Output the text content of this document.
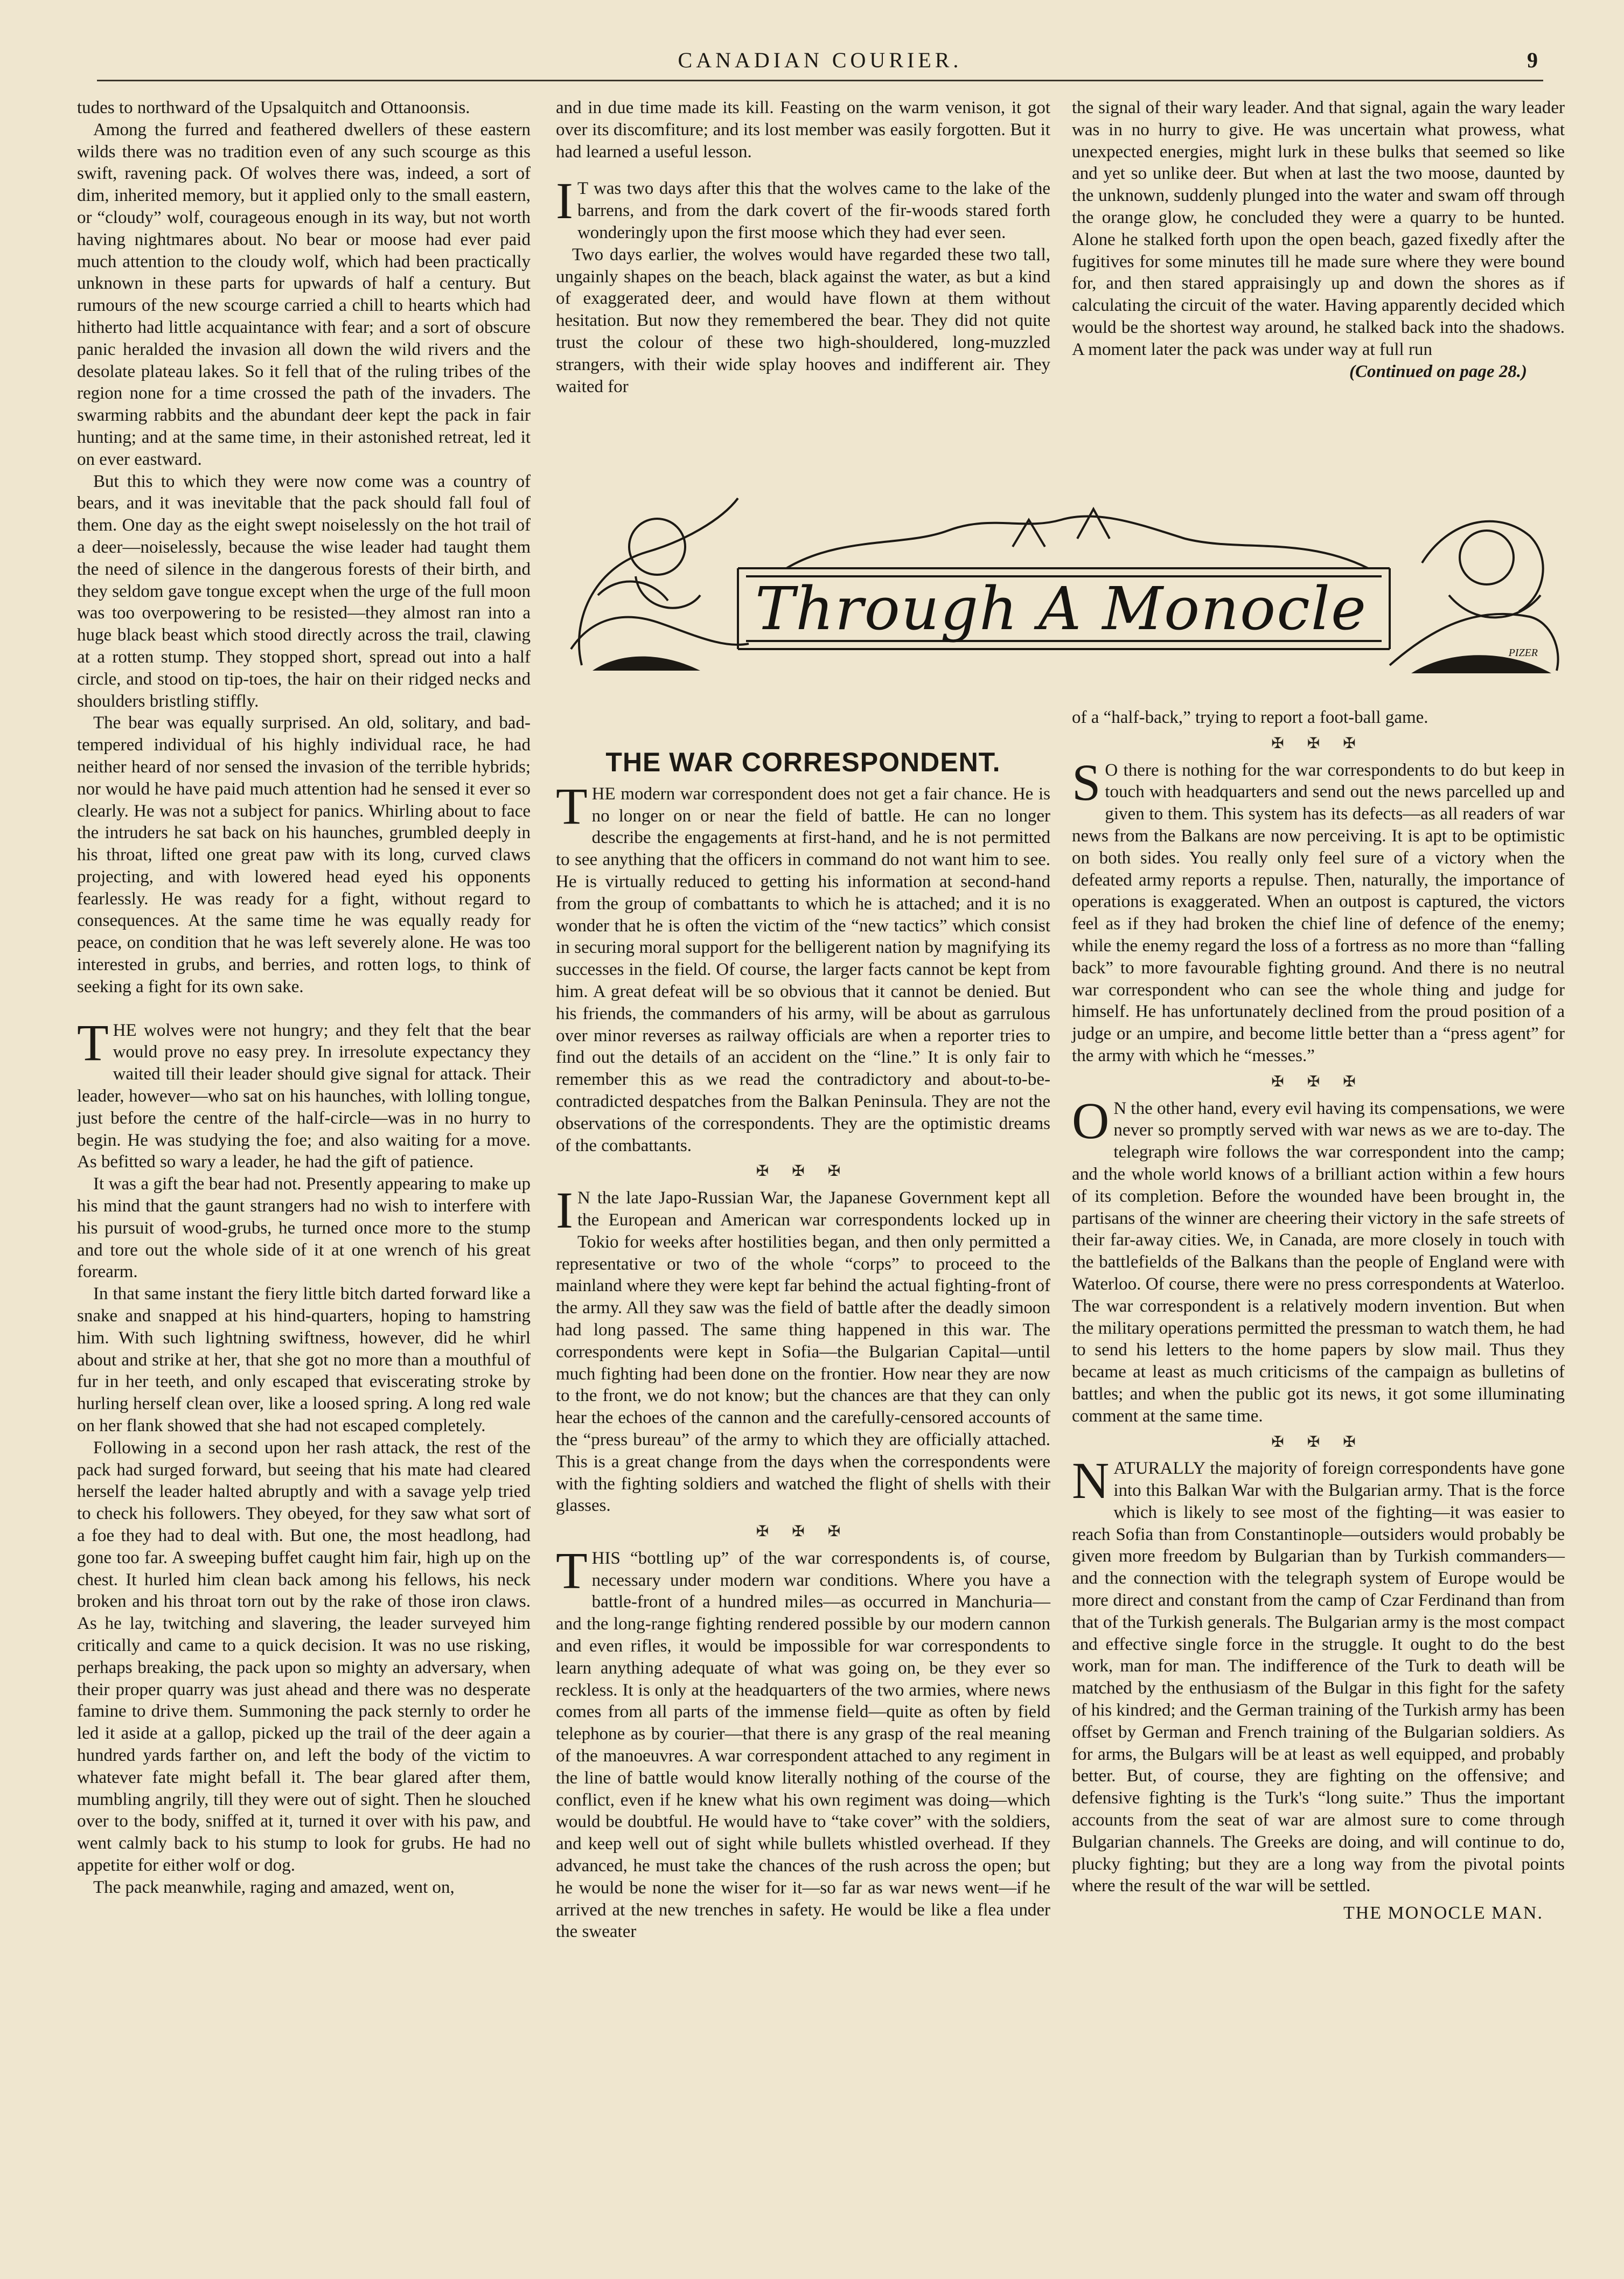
CANADIAN COURIER.	9

tudes to northward of the Upsalquitch and Ottanoonsis.

Among the furred and feathered dwellers of these eastern wilds there was no tradition even of any such scourge as this swift, ravening pack. Of wolves there was, indeed, a sort of dim, inherited memory, but it applied only to the small eastern, or “cloudy” wolf, courageous enough in its way, but not worth having nightmares about. No bear or moose had ever paid much attention to the cloudy wolf, which had been practically unknown in these parts for upwards of half a century. But rumours of the new scourge carried a chill to hearts which had hitherto had little acquaintance with fear; and a sort of obscure panic heralded the invasion all down the wild rivers and the desolate plateau lakes. So it fell that of the ruling tribes of the region none for a time crossed the path of the invaders. The swarming rabbits and the abundant deer kept the pack in fair hunting; and at the same time, in their astonished retreat, led it on ever eastward.

But this to which they were now come was a country of bears, and it was inevitable that the pack should fall foul of them. One day as the eight swept noiselessly on the hot trail of a deer—noiselessly, because the wise leader had taught them the need of silence in the dangerous forests of their birth, and they seldom gave tongue except when the urge of the full moon was too overpowering to be resisted—they almost ran into a huge black beast which stood directly across the trail, clawing at a rotten stump. They stopped short, spread out into a half circle, and stood on tip-toes, the hair on their ridged necks and shoulders bristling stiffly.

The bear was equally surprised. An old, solitary, and bad-tempered individual of his highly individual race, he had neither heard of nor sensed the invasion of the terrible hybrids; nor would he have paid much attention had he sensed it ever so clearly. He was not a subject for panics. Whirling about to face the intruders he sat back on his haunches, grumbled deeply in his throat, lifted one great paw with its long, curved claws projecting, and with lowered head eyed his opponents fearlessly. He was ready for a fight, without regard to consequences. At the same time he was equally ready for peace, on condition that he was left severely alone. He was too interested in grubs, and berries, and rotten logs, to think of seeking a fight for its own sake.

THE wolves were not hungry; and they felt that the bear would prove no easy prey. In irresolute expectancy they waited till their leader should give signal for attack. Their leader, however—who sat on his haunches, with lolling tongue, just before the centre of the half-circle—was in no hurry to begin. He was studying the foe; and also waiting for a move. As befitted so wary a leader, he had the gift of patience.

It was a gift the bear had not. Presently appearing to make up his mind that the gaunt strangers had no wish to interfere with his pursuit of wood-grubs, he turned once more to the stump and tore out the whole side of it at one wrench of his great forearm.

In that same instant the fiery little bitch darted forward like a snake and snapped at his hind-quarters, hoping to hamstring him. With such lightning swiftness, however, did he whirl about and strike at her, that she got no more than a mouthful of fur in her teeth, and only escaped that eviscerating stroke by hurling herself clean over, like a loosed spring. A long red wale on her flank showed that she had not escaped completely.

Following in a second upon her rash attack, the rest of the pack had surged forward, but seeing that his mate had cleared herself the leader halted abruptly and with a savage yelp tried to check his followers. They obeyed, for they saw what sort of a foe they had to deal with. But one, the most headlong, had gone too far. A sweeping buffet caught him fair, high up on the chest. It hurled him clean back among his fellows, his neck broken and his throat torn out by the rake of those iron claws. As he lay, twitching and slavering, the leader surveyed him critically and came to a quick decision. It was no use risking, perhaps breaking, the pack upon so mighty an adversary, when their proper quarry was just ahead and there was no desperate famine to drive them. Summoning the pack sternly to order he led it aside at a gallop, picked up the trail of the deer again a hundred yards farther on, and left the body of the victim to whatever fate might befall it. The bear glared after them, mumbling angrily, till they were out of sight. Then he slouched over to the body, sniffed at it, turned it over with his paw, and went calmly back to his stump to look for grubs. He had no appetite for either wolf or dog.

The pack meanwhile, raging and amazed, went on,

and in due time made its kill. Feasting on the warm venison, it got over its discomfiture; and its lost member was easily forgotten. But it had learned a useful lesson.

I T was two days after this that the wolves came to the lake of the barrens, and from the dark covert of the fir-woods stared forth wonderingly upon the first moose which they had ever seen.

Two days earlier, the wolves would have regarded these two tall, ungainly shapes on the beach, black against the water, as but a kind of exaggerated deer, and would have flown at them without hesitation. But now they remembered the bear. They did not quite trust the colour of these two high-shouldered, long-muzzled strangers, with their wide splay hooves and indifferent air. They waited for

the signal of their wary leader. And that signal, again the wary leader was in no hurry to give. He was uncertain what prowess, what unexpected energies, might lurk in these bulks that seemed so like and yet so unlike deer. But when at last the two moose, daunted by the unknown, suddenly plunged into the water and swam off through the orange glow, he concluded they were a quarry to be hunted. Alone he stalked forth upon the open beach, gazed fixedly after the fugitives for some minutes till he made sure where they were bound for, and then stared appraisingly up and down the shores as if calculating the circuit of the water. Having apparently decided which would be the shortest way around, he stalked back into the shadows. A moment later the pack was under way at full run

(Continued on page 28.)

Through A Monocle
PIZER
THE WAR CORRESPONDENT.

THE modern war correspondent does not get a fair chance. He is no longer on or near the field of battle. He can no longer describe the engagements at first-hand, and he is not permitted to see anything that the officers in command do not want him to see. He is virtually reduced to getting his information at second-hand from the group of combattants to which he is attached; and it is no wonder that he is often the victim of the “new tactics” which consist in securing moral support for the belligerent nation by magnifying its successes in the field. Of course, the larger facts cannot be kept from him. A great defeat will be so obvious that it cannot be denied. But his friends, the commanders of his army, will be about as garrulous over minor reverses as railway officials are when a reporter tries to find out the details of an accident on the “line.” It is only fair to remember this as we read the contradictory and about-to-be-contradicted despatches from the Balkan Peninsula. They are not the observations of the correspondents. They are the optimistic dreams of the combattants.

✠ ✠ ✠

I N the late Japo-Russian War, the Japanese Government kept all the European and American war correspondents locked up in Tokio for weeks after hostilities began, and then only permitted a representative or two of the whole “corps” to proceed to the mainland where they were kept far behind the actual fighting-front of the army. All they saw was the field of battle after the deadly simoon had long passed. The same thing happened in this war. The correspondents were kept in Sofia—the Bulgarian Capital—until much fighting had been done on the frontier. How near they are now to the front, we do not know; but the chances are that they can only hear the echoes of the cannon and the carefully-censored accounts of the “press bureau” of the army to which they are officially attached. This is a great change from the days when the correspondents were with the fighting soldiers and watched the flight of shells with their glasses.

✠ ✠ ✠

THIS “bottling up” of the war correspondents is, of course, necessary under modern war conditions. Where you have a battle-front of a hundred miles—as occurred in Manchuria—and the long-range fighting rendered possible by our modern cannon and even rifles, it would be impossible for war correspondents to learn anything adequate of what was going on, be they ever so reckless. It is only at the headquarters of the two armies, where news comes from all parts of the immense field—quite as often by field telephone as by courier—that there is any grasp of the real meaning of the manoeuvres. A war correspondent attached to any regiment in the line of battle would know literally nothing of the course of the conflict, even if he knew what his own regiment was doing—which would be doubtful. He would have to “take cover” with the soldiers, and keep well out of sight while bullets whistled overhead. If they advanced, he must take the chances of the rush across the open; but he would be none the wiser for it—so far as war news went—if he arrived at the new trenches in safety. He would be like a flea under the sweater

of a “half-back,” trying to report a foot-ball game.

✠ ✠ ✠

S O there is nothing for the war correspondents to do but keep in touch with headquarters and send out the news parcelled up and given to them. This system has its defects—as all readers of war news from the Balkans are now perceiving. It is apt to be optimistic on both sides. You really only feel sure of a victory when the defeated army reports a repulse. Then, naturally, the importance of operations is exaggerated. When an outpost is captured, the victors feel as if they had broken the chief line of defence of the enemy; while the enemy regard the loss of a fortress as no more than “falling back” to more favourable fighting ground. And there is no neutral war correspondent who can see the whole thing and judge for himself. He has unfortunately declined from the proud position of a judge or an umpire, and become little better than a “press agent” for the army with which he “messes.”

✠ ✠ ✠

O N the other hand, every evil having its compensations, we were never so promptly served with war news as we are to-day. The telegraph wire follows the war correspondent into the camp; and the whole world knows of a brilliant action within a few hours of its completion. Before the wounded have been brought in, the partisans of the winner are cheering their victory in the safe streets of their far-away cities. We, in Canada, are more closely in touch with the battlefields of the Balkans than the people of England were with Waterloo. Of course, there were no press correspondents at Waterloo. The war correspondent is a relatively modern invention. But when the military operations permitted the pressman to watch them, he had to send his letters to the home papers by slow mail. Thus they became at least as much criticisms of the campaign as bulletins of battles; and when the public got its news, it got some illuminating comment at the same time.

✠ ✠ ✠

NATURALLY the majority of foreign correspondents have gone into this Balkan War with the Bulgarian army. That is the force which is likely to see most of the fighting—it was easier to reach Sofia than from Constantinople—outsiders would probably be given more freedom by Bulgarian than by Turkish commanders—and the connection with the telegraph system of Europe would be more direct and constant from the camp of Czar Ferdinand than from that of the Turkish generals. The Bulgarian army is the most compact and effective single force in the struggle. It ought to do the best work, man for man. The indifference of the Turk to death will be matched by the enthusiasm of the Bulgar in this fight for the safety of his kindred; and the German training of the Turkish army has been offset by German and French training of the Bulgarian soldiers. As for arms, the Bulgars will be at least as well equipped, and probably better. But, of course, they are fighting on the offensive; and defensive fighting is the Turk's “long suite.” Thus the important accounts from the seat of war are almost sure to come through Bulgarian channels. The Greeks are doing, and will continue to do, plucky fighting; but they are a long way from the pivotal points where the result of the war will be settled.

THE MONOCLE MAN.
